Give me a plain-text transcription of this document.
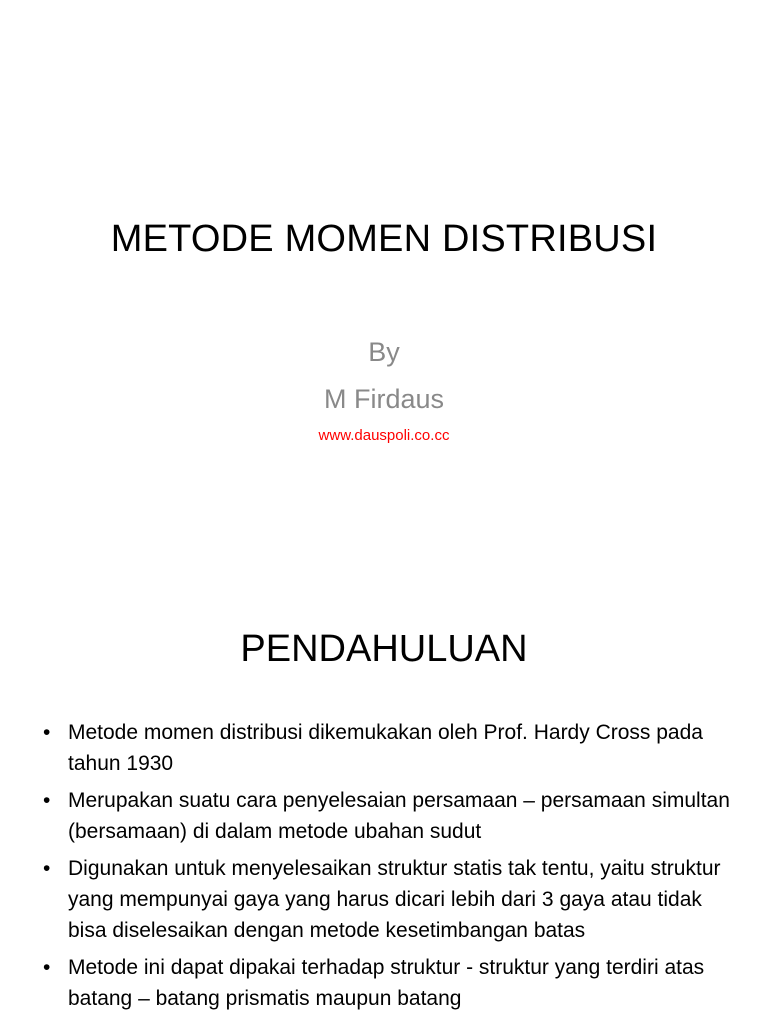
METODE MOMEN DISTRIBUSI
By
M Firdaus
www.dauspoli.co.cc
PENDAHULUAN
• Metode momen distribusi dikemukakan oleh Prof. Hardy Cross pada tahun 1930
• Merupakan suatu cara penyelesaian persamaan – persamaan simultan (bersamaan) di dalam metode ubahan sudut
• Digunakan untuk menyelesaikan struktur statis tak tentu, yaitu struktur yang mempunyai gaya yang harus dicari lebih dari 3 gaya atau tidak bisa diselesaikan dengan metode kesetimbangan batas
• Metode ini dapat dipakai terhadap struktur - struktur yang terdiri atas batang – batang prismatis maupun batang
